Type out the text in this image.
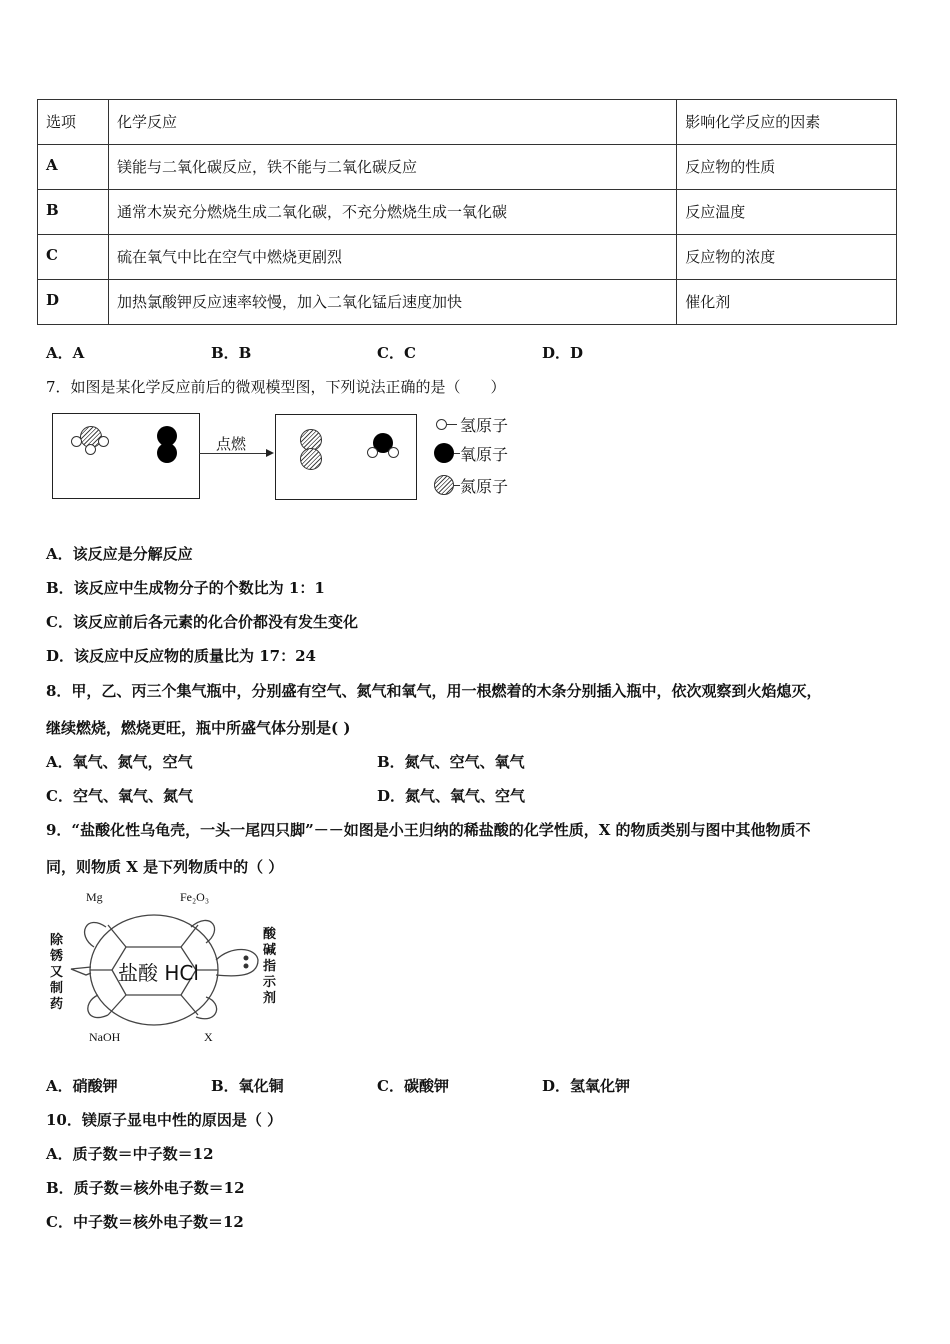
选项	化学反应	影响化学反应的因素
A	镁能与二氧化碳反应，铁不能与二氧化碳反应	反应物的性质
B	通常木炭充分燃烧生成二氧化碳，不充分燃烧生成一氧化碳	反应温度
C	硫在氧气中比在空气中燃烧更剧烈	反应物的浓度
D	加热氯酸钾反应速率较慢，加入二氧化锰后速度加快	催化剂
A．A	B．B	C．C	D．D
7．如图是某化学反应前后的微观模型图，下列说法正确的是（　　）
点燃
氢原子
氧原子
氮原子
A．该反应是分解反应
B．该反应中生成物分子的个数比为 1：1
C．该反应前后各元素的化合价都没有发生变化
D．该反应中反应物的质量比为 17：24
8．甲，乙、丙三个集气瓶中，分别盛有空气、氮气和氧气，用一根燃着的木条分别插入瓶中，依次观察到火焰熄灭，
继续燃烧，燃烧更旺，瓶中所盛气体分别是( )
A．氧气、氮气，空气	B．氮气、空气、氧气
C．空气、氧气、氮气	D．氮气、氧气、空气
9．“盐酸化性乌龟壳，一头一尾四只脚”－－如图是小王归纳的稀盐酸的化学性质，X 的物质类别与图中其他物质不
同，则物质 X 是下列物质中的（ ）
Mg	Fe₂O₃
NaOH	X
盐酸 HCl
除锈又制药
酸碱指示剂
A．硝酸钾	B．氧化铜	C．碳酸钾	D．氢氧化钾
10．镁原子显电中性的原因是（ ）
A．质子数＝中子数＝12
B．质子数＝核外电子数＝12
C．中子数＝核外电子数＝12
